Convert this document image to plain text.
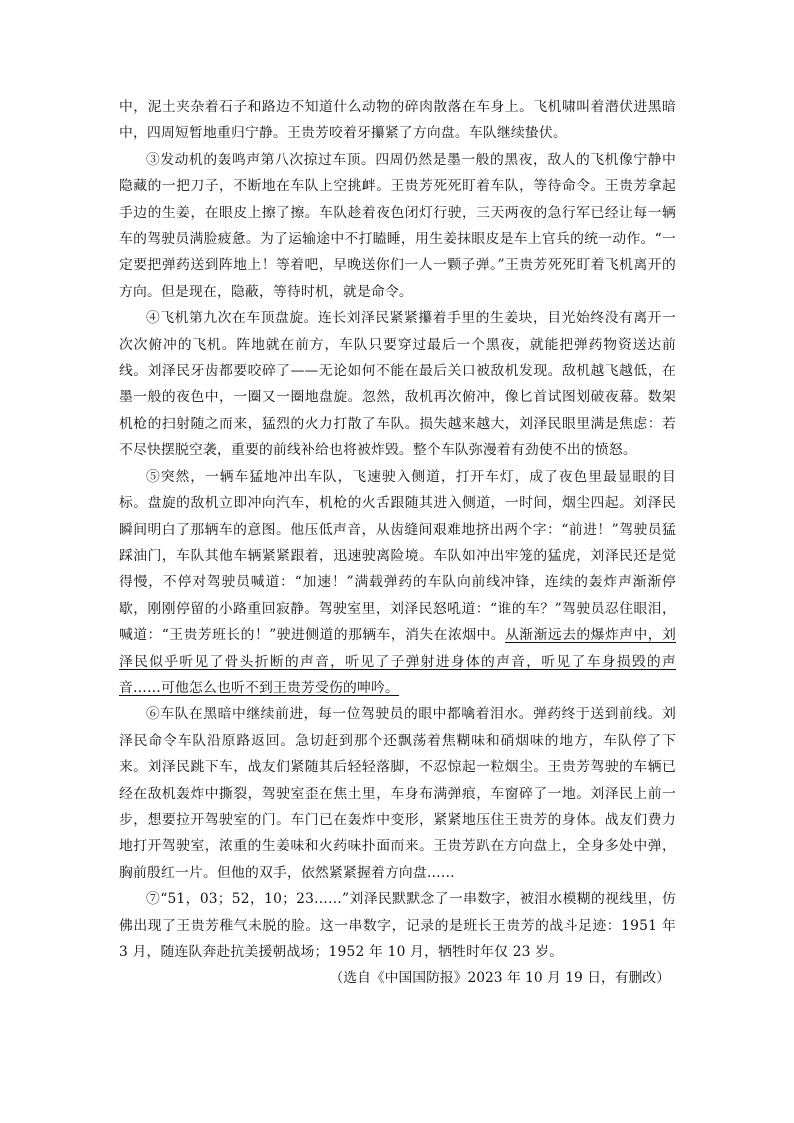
中，泥土夹杂着石子和路边不知道什么动物的碎肉散落在车身上。飞机啸叫着潜伏进黑暗中，四周短暂地重归宁静。王贵芳咬着牙攥紧了方向盘。车队继续蛰伏。

③发动机的轰鸣声第八次掠过车顶。四周仍然是墨一般的黑夜，敌人的飞机像宁静中隐藏的一把刀子，不断地在车队上空挑衅。王贵芳死死盯着车队，等待命令。王贵芳拿起手边的生姜，在眼皮上擦了擦。车队趁着夜色闭灯行驶，三天两夜的急行军已经让每一辆车的驾驶员满脸疲惫。为了运输途中不打瞌睡，用生姜抹眼皮是车上官兵的统一动作。“一定要把弹药送到阵地上！等着吧，早晚送你们一人一颗子弹。”王贵芳死死盯着飞机离开的方向。但是现在，隐蔽，等待时机，就是命令。

④飞机第九次在车顶盘旋。连长刘泽民紧紧攥着手里的生姜块，目光始终没有离开一次次俯冲的飞机。阵地就在前方，车队只要穿过最后一个黑夜，就能把弹药物资送达前线。刘泽民牙齿都要咬碎了——无论如何不能在最后关口被敌机发现。敌机越飞越低，在墨一般的夜色中，一圈又一圈地盘旋。忽然，敌机再次俯冲，像匕首试图划破夜幕。数架机枪的扫射随之而来，猛烈的火力打散了车队。损失越来越大，刘泽民眼里满是焦虑：若不尽快摆脱空袭，重要的前线补给也将被炸毁。整个车队弥漫着有劲使不出的愤怒。

⑤突然，一辆车猛地冲出车队，飞速驶入侧道，打开车灯，成了夜色里最显眼的目标。盘旋的敌机立即冲向汽车，机枪的火舌跟随其进入侧道，一时间，烟尘四起。刘泽民瞬间明白了那辆车的意图。他压低声音，从齿缝间艰难地挤出两个字：“前进！”驾驶员猛踩油门，车队其他车辆紧紧跟着，迅速驶离险境。车队如冲出牢笼的猛虎，刘泽民还是觉得慢，不停对驾驶员喊道：“加速！”满载弹药的车队向前线冲锋，连续的轰炸声渐渐停歇，刚刚停留的小路重回寂静。驾驶室里，刘泽民怒吼道：“谁的车？”驾驶员忍住眼泪，喊道：“王贵芳班长的！”驶进侧道的那辆车，消失在浓烟中。从渐渐远去的爆炸声中，刘泽民似乎听见了骨头折断的声音，听见了子弹射进身体的声音，听见了车身损毁的声音……可他怎么也听不到王贵芳受伤的呻吟。

⑥车队在黑暗中继续前进，每一位驾驶员的眼中都噙着泪水。弹药终于送到前线。刘泽民命令车队沿原路返回。急切赶到那个还飘荡着焦糊味和硝烟味的地方，车队停了下来。刘泽民跳下车，战友们紧随其后轻轻落脚，不忍惊起一粒烟尘。王贵芳驾驶的车辆已经在敌机轰炸中撕裂，驾驶室歪在焦土里，车身布满弹痕，车窗碎了一地。刘泽民上前一步，想要拉开驾驶室的门。车门已在轰炸中变形，紧紧地压住王贵芳的身体。战友们费力地打开驾驶室，浓重的生姜味和火药味扑面而来。王贵芳趴在方向盘上，全身多处中弹，胸前殷红一片。但他的双手，依然紧紧握着方向盘……

⑦“51，03；52，10；23……”刘泽民默默念了一串数字，被泪水模糊的视线里，仿佛出现了王贵芳稚气未脱的脸。这一串数字，记录的是班长王贵芳的战斗足迹：1951 年 3 月，随连队奔赴抗美援朝战场；1952 年 10 月，牺牲时年仅 23 岁。

（选自《中国国防报》2023 年 10 月 19 日，有删改）
